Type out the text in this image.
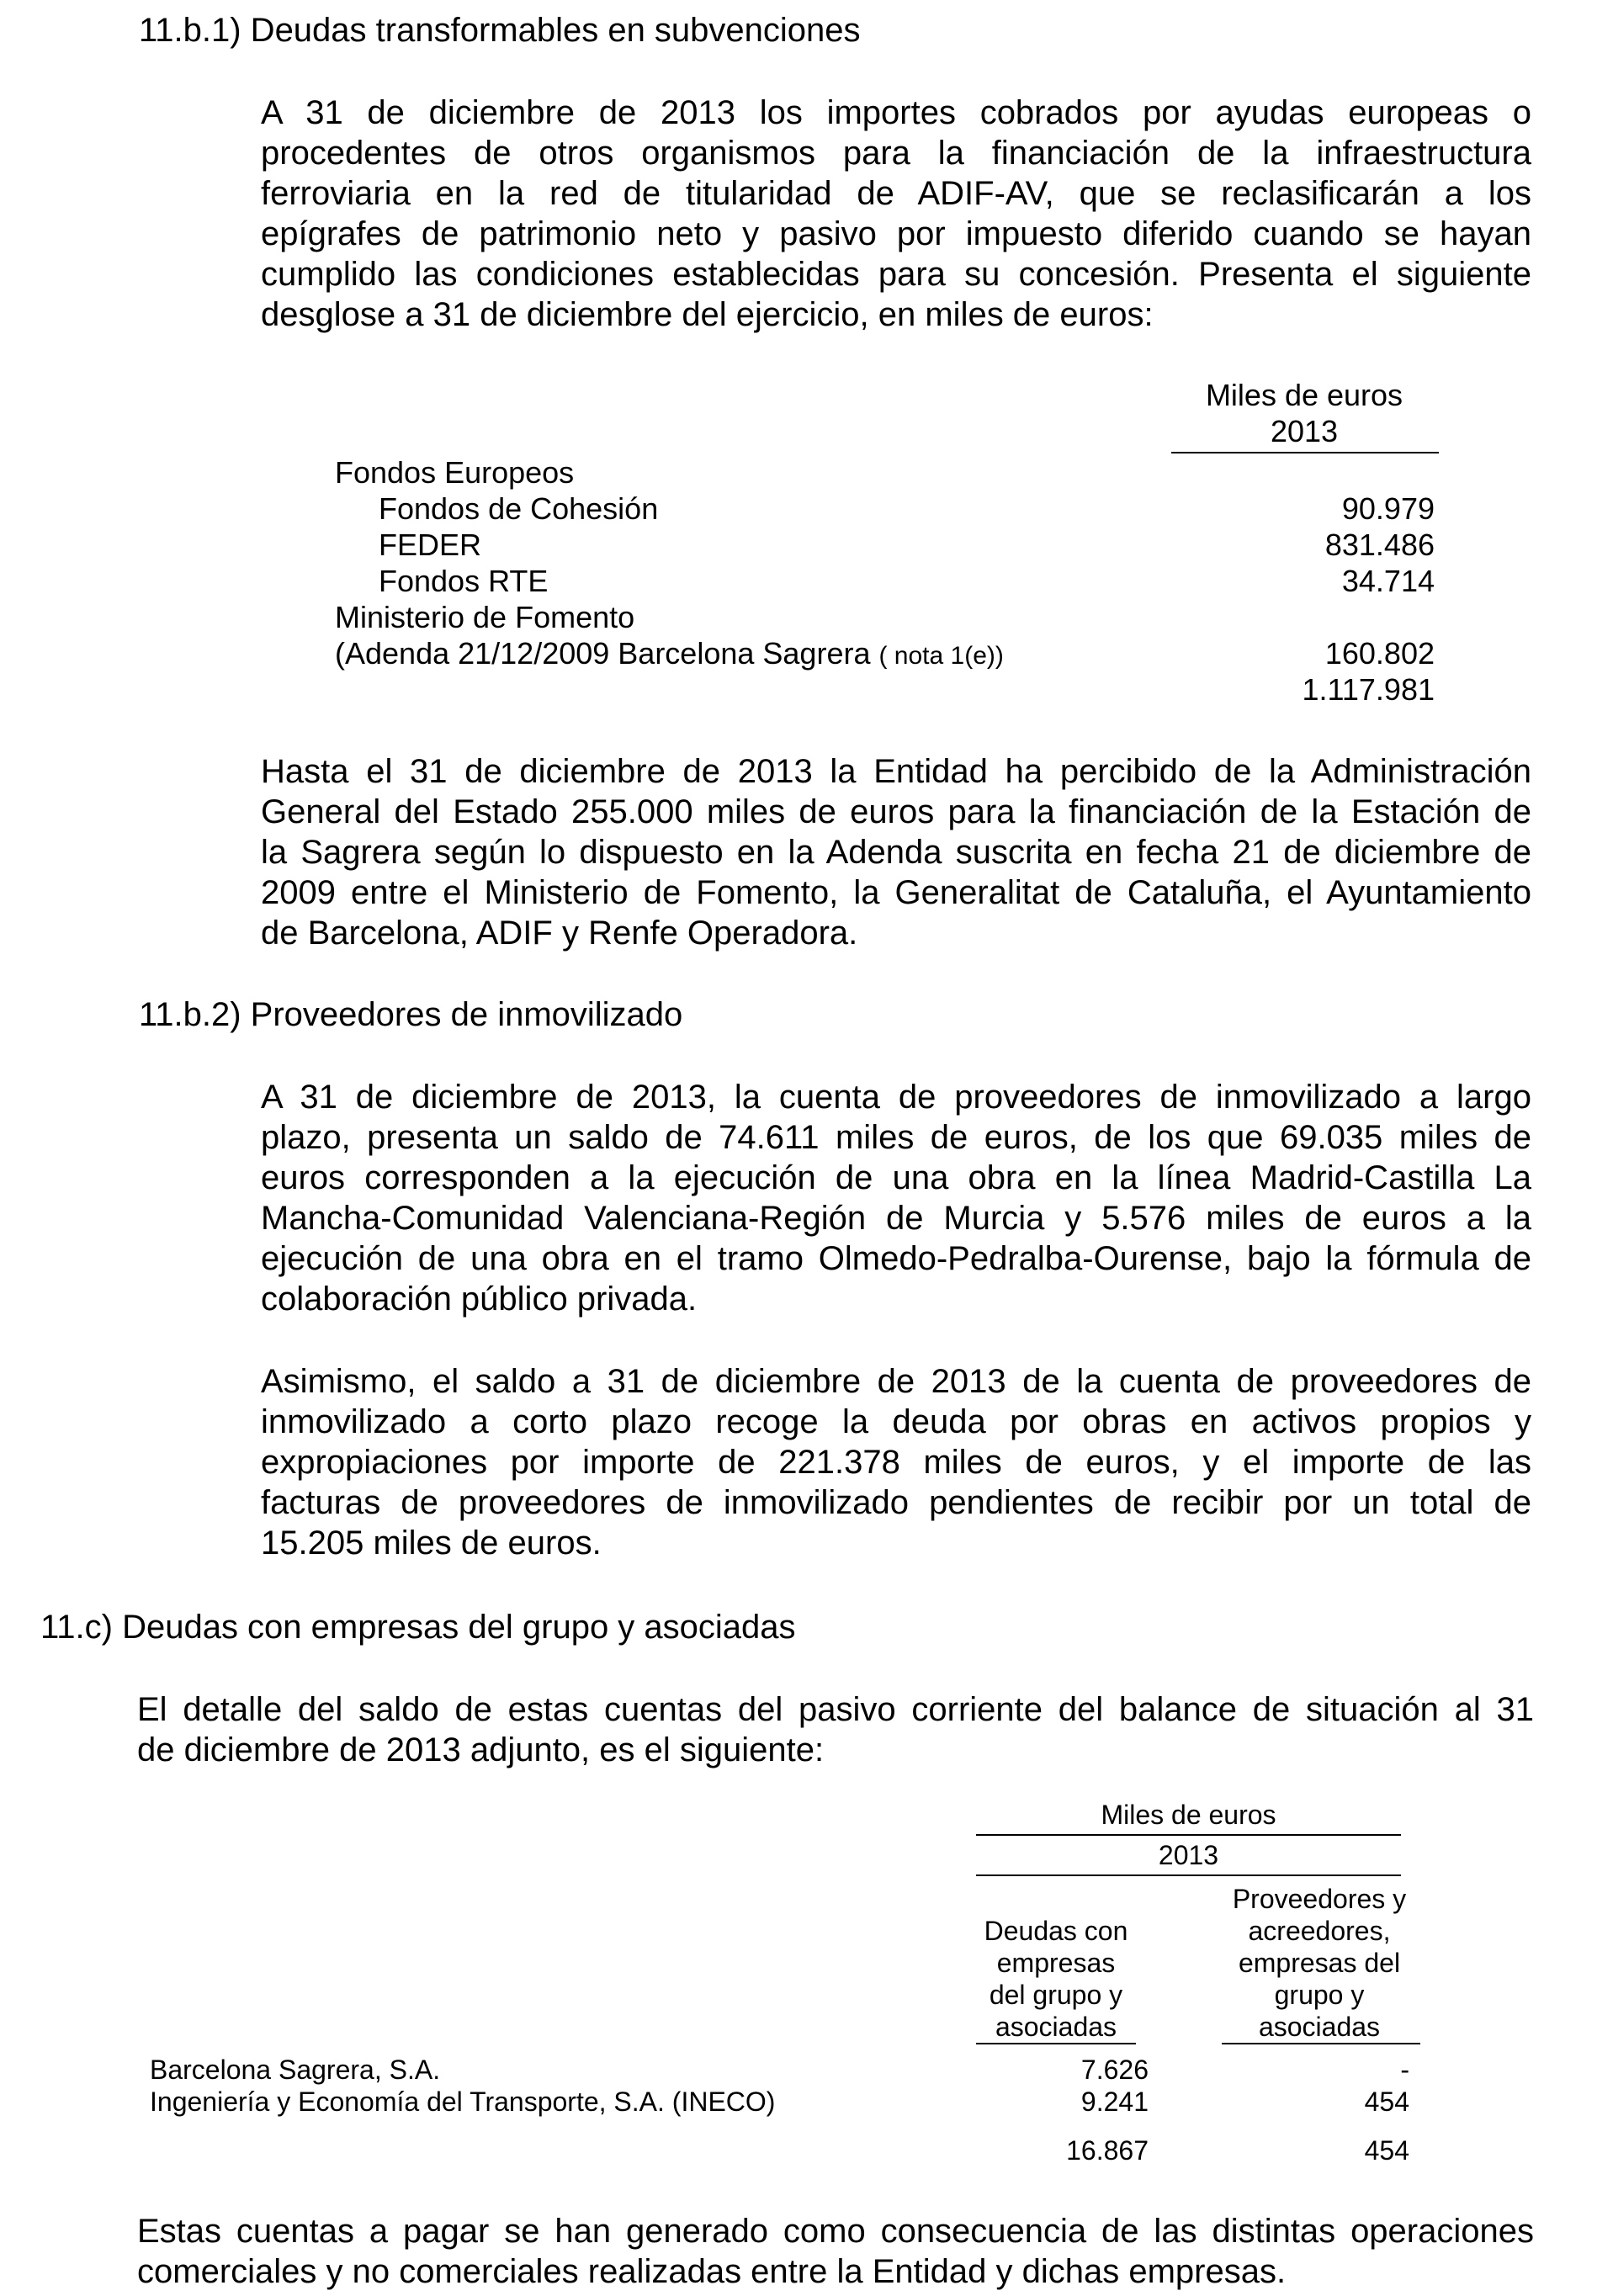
11.b.1) Deudas transformables en subvenciones
A 31 de diciembre de 2013 los importes cobrados por ayudas europeas o
procedentes de otros organismos para la financiación de la infraestructura
ferroviaria en la red de titularidad de ADIF-AV, que se reclasificarán a los
epígrafes de patrimonio neto y pasivo por impuesto diferido cuando se hayan
cumplido las condiciones establecidas para su concesión. Presenta el siguiente
desglose a 31 de diciembre del ejercicio, en miles de euros:
Miles de euros
2013
Fondos Europeos
Fondos de Cohesión	90.979
FEDER	831.486
Fondos RTE	34.714
Ministerio de Fomento
(Adenda 21/12/2009 Barcelona Sagrera ( nota 1(e))	160.802
1.117.981
Hasta el 31 de diciembre de 2013 la Entidad ha percibido de la Administración
General del Estado 255.000 miles de euros para la financiación de la Estación de
la Sagrera según lo dispuesto en la Adenda suscrita en fecha 21 de diciembre de
2009 entre el Ministerio de Fomento, la Generalitat de Cataluña, el Ayuntamiento
de Barcelona, ADIF y Renfe Operadora.
11.b.2) Proveedores de inmovilizado
A 31 de diciembre de 2013, la cuenta de proveedores de inmovilizado a largo
plazo, presenta un saldo de 74.611 miles de euros, de los que 69.035 miles de
euros corresponden a la ejecución de una obra en la línea Madrid-Castilla La
Mancha-Comunidad Valenciana-Región de Murcia y 5.576 miles de euros a la
ejecución de una obra en el tramo Olmedo-Pedralba-Ourense, bajo la fórmula de
colaboración público privada.
Asimismo, el saldo a 31 de diciembre de 2013 de la cuenta de proveedores de
inmovilizado a corto plazo recoge la deuda por obras en activos propios y
expropiaciones por importe de 221.378 miles de euros, y el importe de las
facturas de proveedores de inmovilizado pendientes de recibir por un total de
15.205 miles de euros.
11.c) Deudas con empresas del grupo y asociadas
El detalle del saldo de estas cuentas del pasivo corriente del balance de situación al 31
de diciembre de 2013 adjunto, es el siguiente:
Miles de euros
2013
Deudas con
empresas
del grupo y
asociadas
Proveedores y
acreedores,
empresas del
grupo y
asociadas
Barcelona Sagrera, S.A.	7.626	-
Ingeniería y Economía del Transporte, S.A. (INECO)	9.241	454
16.867	454
Estas cuentas a pagar se han generado como consecuencia de las distintas operaciones
comerciales y no comerciales realizadas entre la Entidad y dichas empresas.
